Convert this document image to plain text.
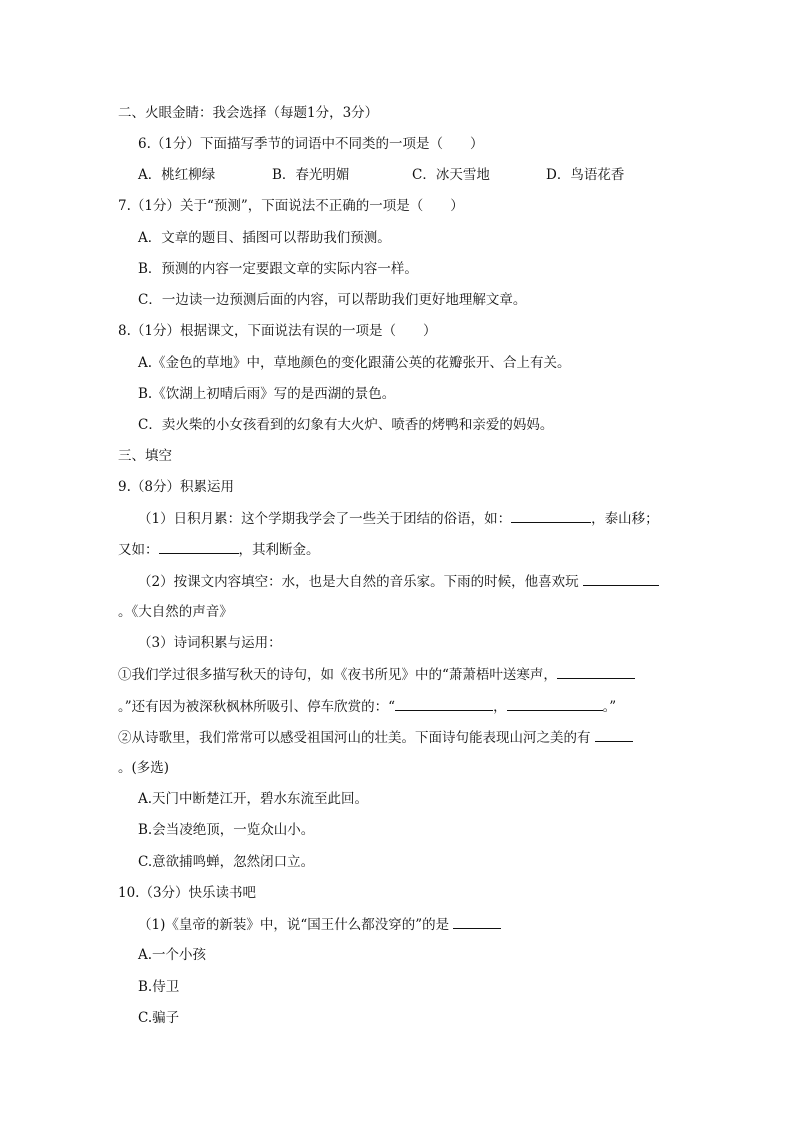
二、火眼金睛：我会选择（每题1分，3分）
6.（1分）下面描写季节的词语中不同类的一项是（　　）
A．桃红柳绿	B．春光明媚	C．冰天雪地	D．鸟语花香
7.（1分）关于“预测”，下面说法不正确的一项是（　　）
A．文章的题目、插图可以帮助我们预测。
B．预测的内容一定要跟文章的实际内容一样。
C．一边读一边预测后面的内容，可以帮助我们更好地理解文章。
8.（1分）根据课文，下面说法有误的一项是（　　）
A.《金色的草地》中，草地颜色的变化跟蒲公英的花瓣张开、合上有关。
B.《饮湖上初晴后雨》写的是西湖的景色。
C．卖火柴的小女孩看到的幻象有大火炉、喷香的烤鸭和亲爱的妈妈。
三、填空
9.（8分）积累运用
（1）日积月累：这个学期我学会了一些关于团结的俗语，如：	，泰山移；
又如：	，其利断金。
（2）按课文内容填空：水，也是大自然的音乐家。下雨的时候，他喜欢玩
。《大自然的声音》
（3）诗词积累与运用：
①我们学过很多描写秋天的诗句，如《夜书所见》中的“萧萧梧叶送寒声，
。”还有因为被深秋枫林所吸引、停车欣赏的：“	，	。”
②从诗歌里，我们常常可以感受祖国河山的壮美。下面诗句能表现山河之美的有
。(多选)
A.天门中断楚江开，碧水东流至此回。
B.会当凌绝顶，一览众山小。
C.意欲捕鸣蝉，忽然闭口立。
10.（3分）快乐读书吧
（1)《皇帝的新装》中，说“国王什么都没穿的”的是
A.一个小孩
B.侍卫
C.骗子
